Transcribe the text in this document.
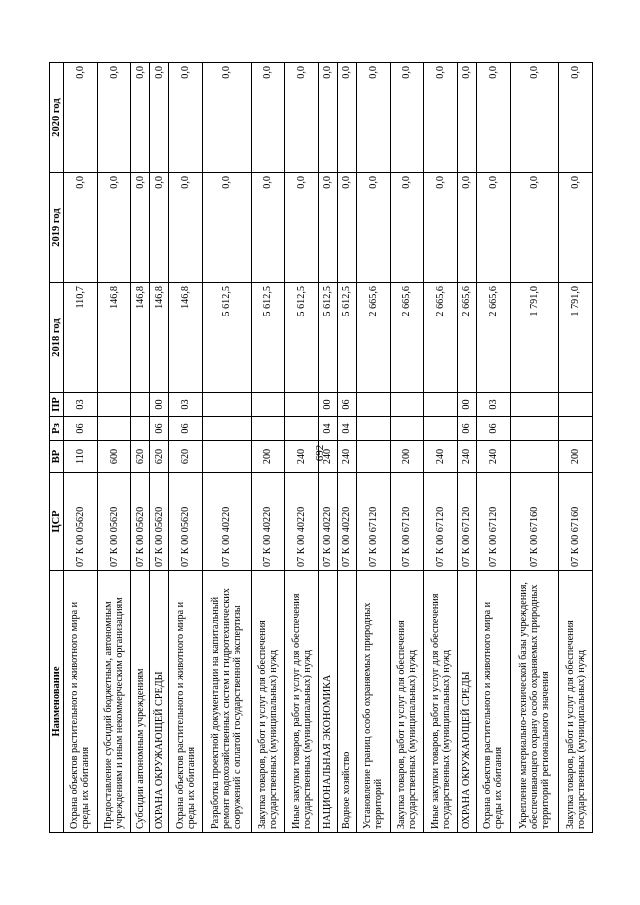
692
Наименование	ЦСР	ВР	Рз	ПР	2018 год	2019 год	2020 год
Охрана объектов растительного и животного мира и среды их обитания	07 К 00 05620	110	06	03	110,7	0,0	0,0
Предоставление субсидий бюджетным, автономным учреждениям и иным некоммерческим организациям	07 К 00 05620	600			146,8	0,0	0,0
Субсидии автономным учреждениям	07 К 00 05620	620			146,8	0,0	0,0
ОХРАНА ОКРУЖАЮЩЕЙ СРЕДЫ	07 К 00 05620	620	06	00	146,8	0,0	0,0
Охрана объектов растительного и животного мира и среды их обитания	07 К 00 05620	620	06	03	146,8	0,0	0,0
Разработка проектной документации на капитальный ремонт водохозяйственных систем и гидротехнических сооружений с оплатой государственной экспертизы	07 К 00 40220				5 612,5	0,0	0,0
Закупка товаров, работ и услуг для обеспечения государственных (муниципальных) нужд	07 К 00 40220	200			5 612,5	0,0	0,0
Иные закупки товаров, работ и услуг для обеспечения государственных (муниципальных) нужд	07 К 00 40220	240			5 612,5	0,0	0,0
НАЦИОНАЛЬНАЯ ЭКОНОМИКА	07 К 00 40220	240	04	00	5 612,5	0,0	0,0
Водное хозяйство	07 К 00 40220	240	04	06	5 612,5	0,0	0,0
Установление границ особо охраняемых природных территорий	07 К 00 67120				2 665,6	0,0	0,0
Закупка товаров, работ и услуг для обеспечения государственных (муниципальных) нужд	07 К 00 67120	200			2 665,6	0,0	0,0
Иные закупки товаров, работ и услуг для обеспечения государственных (муниципальных) нужд	07 К 00 67120	240			2 665,6	0,0	0,0
ОХРАНА ОКРУЖАЮЩЕЙ СРЕДЫ	07 К 00 67120	240	06	00	2 665,6	0,0	0,0
Охрана объектов растительного и животного мира и среды их обитания	07 К 00 67120	240	06	03	2 665,6	0,0	0,0
Укрепление материально-технической базы учреждения, обеспечивающего охрану особо охраняемых природных территорий регионального значения	07 К 00 67160				1 791,0	0,0	0,0
Закупка товаров, работ и услуг для обеспечения государственных (муниципальных) нужд	07 К 00 67160	200			1 791,0	0,0	0,0
